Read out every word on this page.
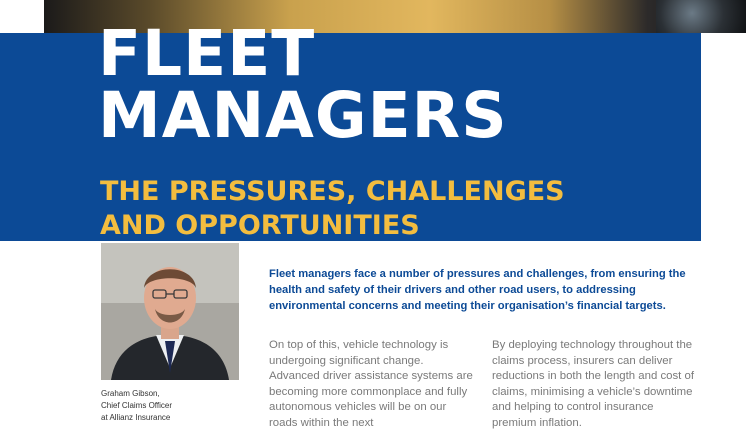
FLEET
MANAGERS
THE PRESSURES, CHALLENGES
AND OPPORTUNITIES

Graham Gibson,
Chief Claims Officer
at Allianz Insurance

Fleet managers face a number of pressures and challenges, from ensuring the health and safety of their drivers and other road users, to addressing environmental concerns and meeting their organisation’s financial targets.

On top of this, vehicle technology is undergoing significant change. Advanced driver assistance systems are becoming more commonplace and fully autonomous vehicles will be on our roads within the next

By deploying technology throughout the claims process, insurers can deliver reductions in both the length and cost of claims, minimising a vehicle’s downtime and helping to control insurance premium inflation.
